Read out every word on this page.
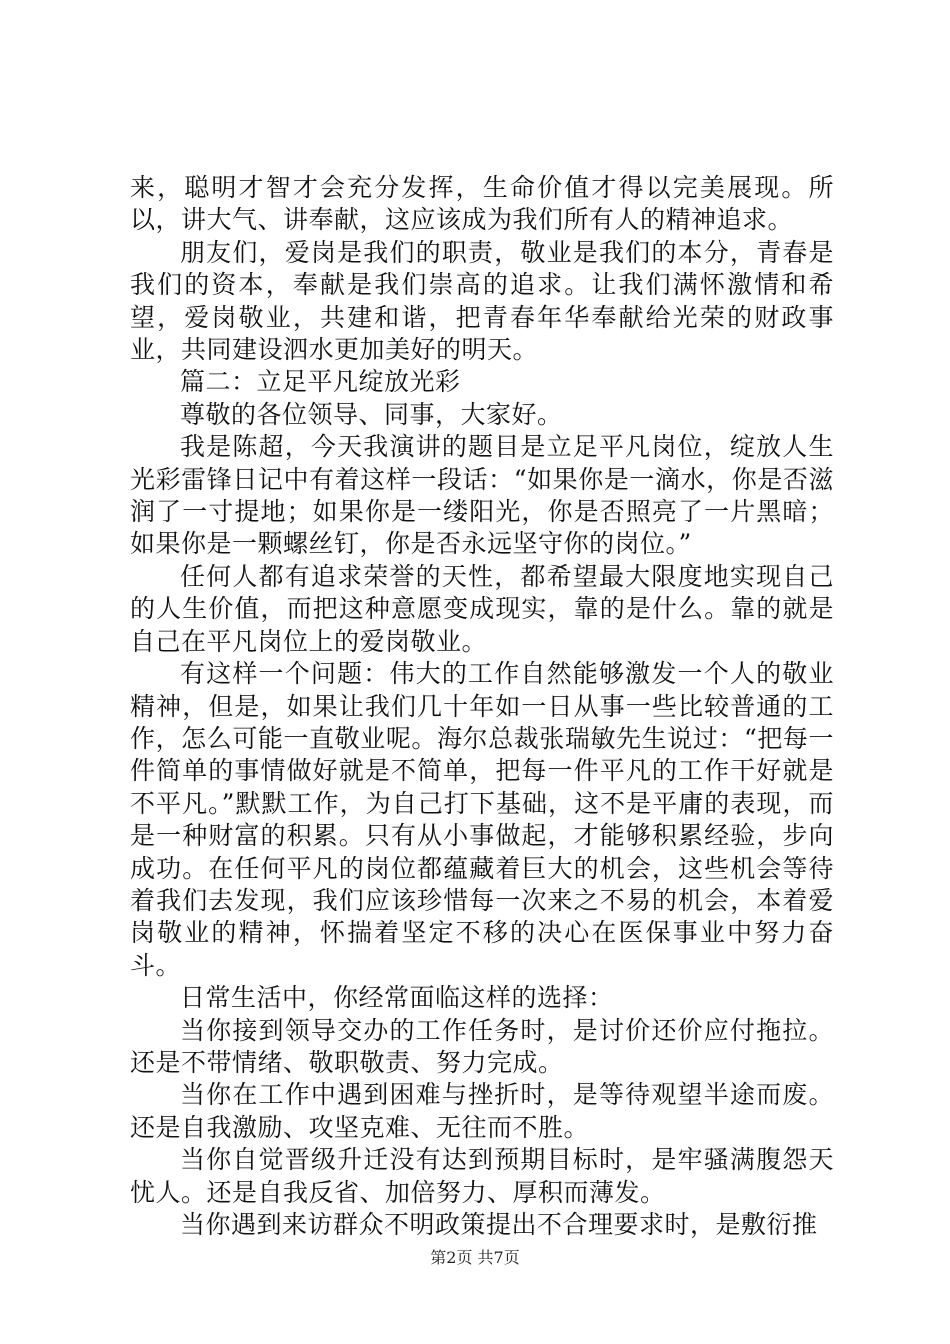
来，聪明才智才会充分发挥，生命价值才得以完美展现。所以，讲大气、讲奉献，这应该成为我们所有人的精神追求。

朋友们，爱岗是我们的职责，敬业是我们的本分，青春是我们的资本，奉献是我们崇高的追求。让我们满怀激情和希望，爱岗敬业，共建和谐，把青春年华奉献给光荣的财政事业，共同建设泗水更加美好的明天。

篇二：立足平凡绽放光彩

尊敬的各位领导、同事，大家好。

我是陈超，今天我演讲的题目是立足平凡岗位，绽放人生光彩雷锋日记中有着这样一段话：“如果你是一滴水，你是否滋润了一寸提地；如果你是一缕阳光，你是否照亮了一片黑暗；如果你是一颗螺丝钉，你是否永远坚守你的岗位。”

任何人都有追求荣誉的天性，都希望最大限度地实现自己的人生价值，而把这种意愿变成现实，靠的是什么。靠的就是自己在平凡岗位上的爱岗敬业。

有这样一个问题：伟大的工作自然能够激发一个人的敬业精神，但是，如果让我们几十年如一日从事一些比较普通的工作，怎么可能一直敬业呢。海尔总裁张瑞敏先生说过：“把每一件简单的事情做好就是不简单，把每一件平凡的工作干好就是不平凡。”默默工作，为自己打下基础，这不是平庸的表现，而是一种财富的积累。只有从小事做起，才能够积累经验，步向成功。在任何平凡的岗位都蕴藏着巨大的机会，这些机会等待着我们去发现，我们应该珍惜每一次来之不易的机会，本着爱岗敬业的精神，怀揣着坚定不移的决心在医保事业中努力奋斗。

日常生活中，你经常面临这样的选择：

当你接到领导交办的工作任务时，是讨价还价应付拖拉。还是不带情绪、敬职敬责、努力完成。

当你在工作中遇到困难与挫折时，是等待观望半途而废。还是自我激励、攻坚克难、无往而不胜。

当你自觉晋级升迁没有达到预期目标时，是牢骚满腹怨天忧人。还是自我反省、加倍努力、厚积而薄发。

当你遇到来访群众不明政策提出不合理要求时，是敷衍推

第2页 共7页
